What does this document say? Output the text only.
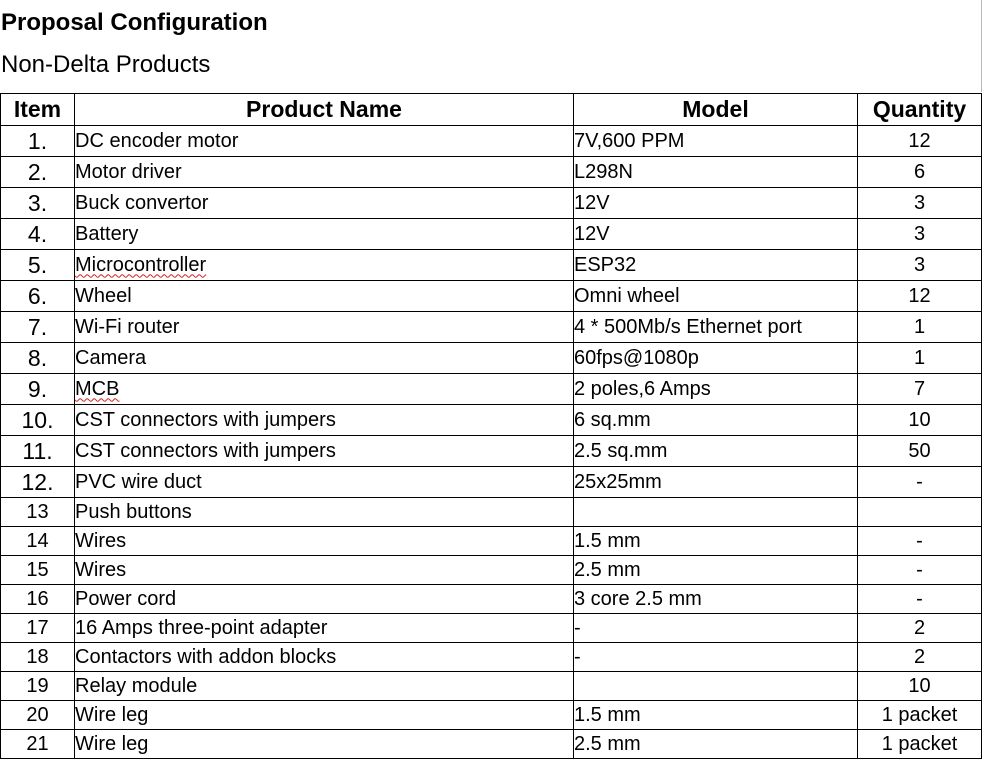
Proposal Configuration

Non-Delta Products

Item	Product Name	Model	Quantity
1.	DC encoder motor	7V,600 PPM	12
2.	Motor driver	L298N	6
3.	Buck convertor	12V	3
4.	Battery	12V	3
5.	Microcontroller	ESP32	3
6.	Wheel	Omni wheel	12
7.	Wi-Fi router	4 * 500Mb/s Ethernet port	1
8.	Camera	60fps@1080p	1
9.	MCB	2 poles,6 Amps	7
10.	CST connectors with jumpers	6 sq.mm	10
11.	CST connectors with jumpers	2.5 sq.mm	50
12.	PVC wire duct	25x25mm	-
13	Push buttons		
14	Wires	1.5 mm	-
15	Wires	2.5 mm	-
16	Power cord	3 core 2.5 mm	-
17	16 Amps three-point adapter	-	2
18	Contactors with addon blocks	-	2
19	Relay module		10
20	Wire leg	1.5 mm	1 packet
21	Wire leg	2.5 mm	1 packet
